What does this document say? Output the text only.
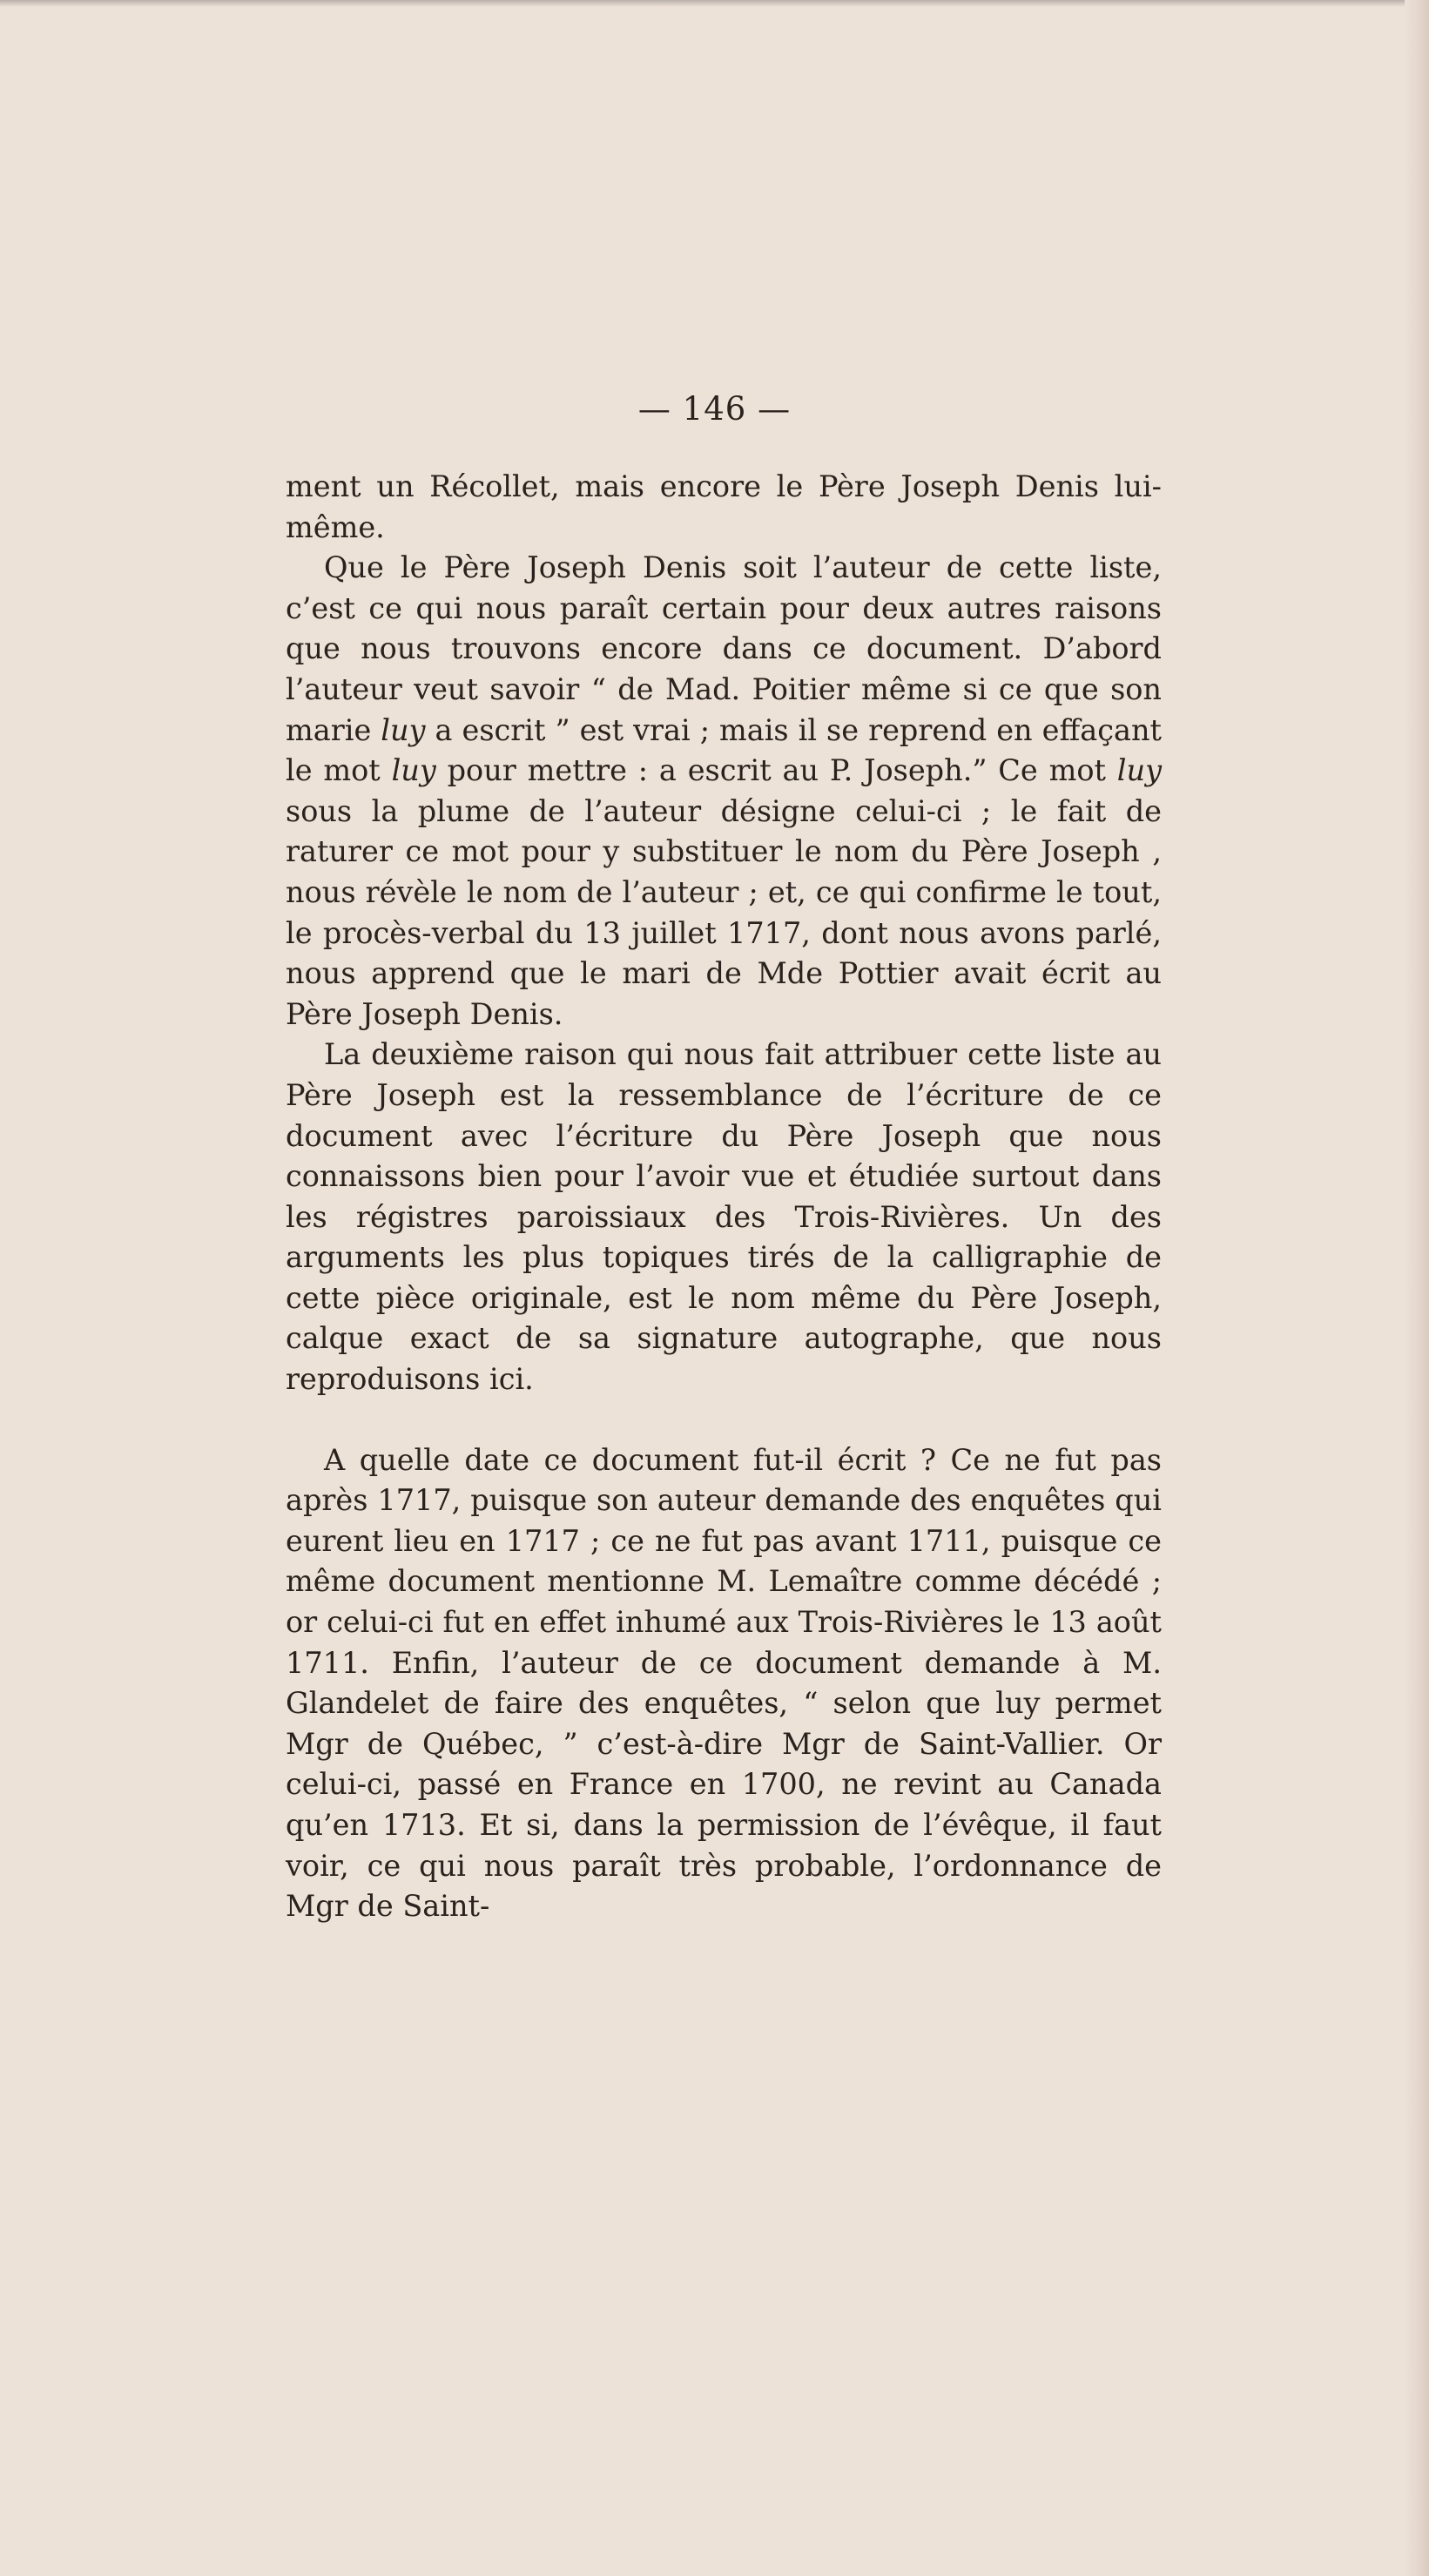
— 146 —

ment un Récollet, mais encore le Père Joseph Denis lui-même.

Que le Père Joseph Denis soit l’auteur de cette liste, c’est ce qui nous paraît certain pour deux autres raisons que nous trouvons encore dans ce document. D’abord l’auteur veut savoir “ de Mad. Poitier même si ce que son marie luy a escrit ” est vrai ; mais il se reprend en effaçant le mot luy pour mettre : a escrit au P. Joseph.” Ce mot luy sous la plume de l’auteur désigne celui-ci ; le fait de raturer ce mot pour y substituer le nom du Père Joseph , nous révèle le nom de l’auteur ; et, ce qui confirme le tout, le procès-verbal du 13 juillet 1717, dont nous avons parlé, nous apprend que le mari de Mde Pottier avait écrit au Père Joseph Denis.

La deuxième raison qui nous fait attribuer cette liste au Père Joseph est la ressemblance de l’écriture de ce document avec l’écriture du Père Joseph que nous connaissons bien pour l’avoir vue et étudiée surtout dans les régistres paroissiaux des Trois-Rivières. Un des arguments les plus topiques tirés de la calligraphie de cette pièce originale, est le nom même du Père Joseph, calque exact de sa signature autographe, que nous reproduisons ici.

A quelle date ce document fut-il écrit ? Ce ne fut pas après 1717, puisque son auteur demande des enquêtes qui eurent lieu en 1717 ; ce ne fut pas avant 1711, puisque ce même document mentionne M. Lemaître comme décédé ; or celui-ci fut en effet inhumé aux Trois-Rivières le 13 août 1711. Enfin, l’auteur de ce document demande à M. Glandelet de faire des enquêtes, “ selon que luy permet Mgr de Québec, ” c’est-à-dire Mgr de Saint-Vallier. Or celui-ci, passé en France en 1700, ne revint au Canada qu’en 1713. Et si, dans la permission de l’évêque, il faut voir, ce qui nous paraît très probable, l’ordonnance de Mgr de Saint-
